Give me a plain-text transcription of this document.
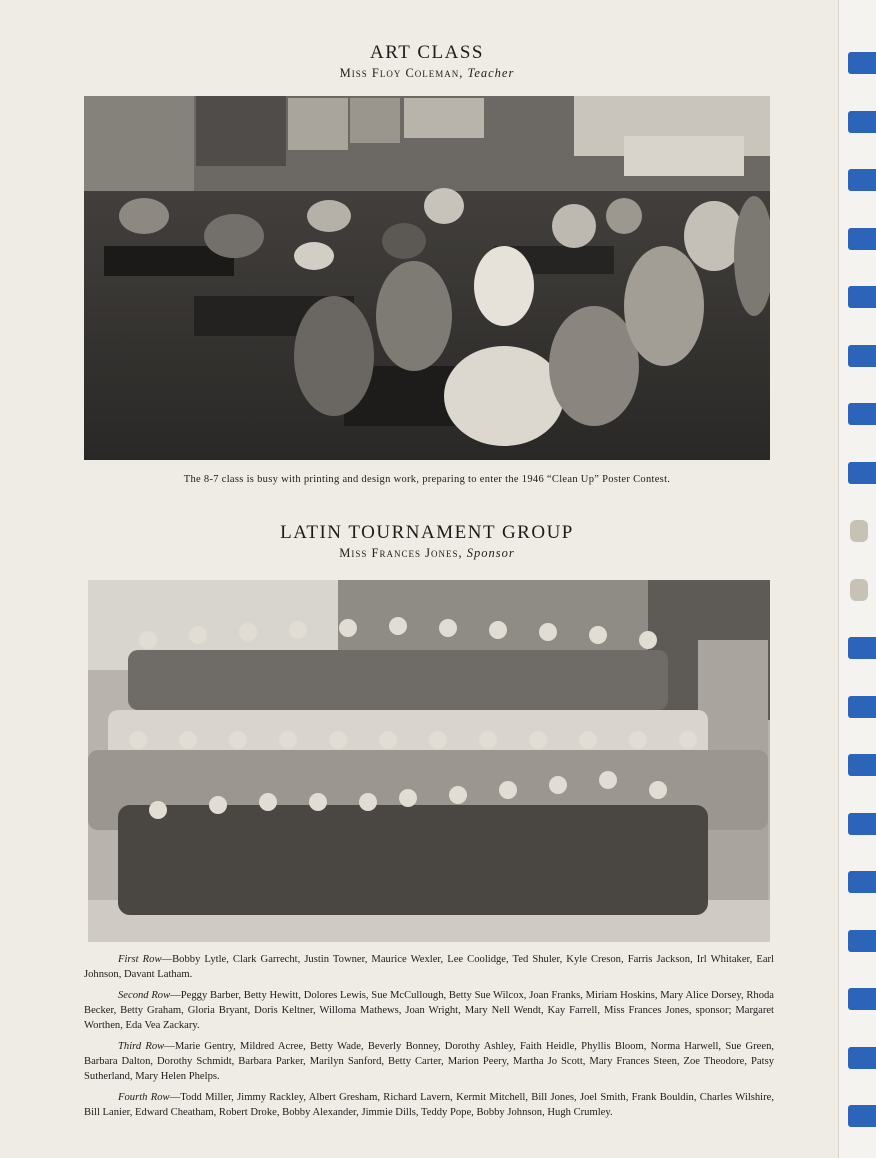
ART CLASS
Miss Floy Coleman, Teacher
The 8-7 class is busy with printing and design work, preparing to enter the 1946 “Clean Up” Poster Contest.
LATIN TOURNAMENT GROUP
Miss Frances Jones, Sponsor

First Row—Bobby Lytle, Clark Garrecht, Justin Towner, Maurice Wexler, Lee Coolidge, Ted Shuler, Kyle Creson, Farris Jackson, Irl Whitaker, Earl Johnson, Davant Latham.

Second Row—Peggy Barber, Betty Hewitt, Dolores Lewis, Sue McCullough, Betty Sue Wilcox, Joan Franks, Miriam Hoskins, Mary Alice Dorsey, Rhoda Becker, Betty Graham, Gloria Bryant, Doris Keltner, Willoma Mathews, Joan Wright, Mary Nell Wendt, Kay Farrell, Miss Frances Jones, sponsor; Margaret Worthen, Eda Vea Zackary.

Third Row—Marie Gentry, Mildred Acree, Betty Wade, Beverly Bonney, Dorothy Ashley, Faith Heidle, Phyllis Bloom, Norma Harwell, Sue Green, Barbara Dalton, Dorothy Schmidt, Barbara Parker, Marilyn Sanford, Betty Carter, Marion Peery, Martha Jo Scott, Mary Frances Steen, Zoe Theodore, Patsy Sutherland, Mary Helen Phelps.

Fourth Row—Todd Miller, Jimmy Rackley, Albert Gresham, Richard Lavern, Kermit Mitchell, Bill Jones, Joel Smith, Frank Bouldin, Charles Wilshire, Bill Lanier, Edward Cheatham, Robert Droke, Bobby Alexander, Jimmie Dills, Teddy Pope, Bobby Johnson, Hugh Crumley.
